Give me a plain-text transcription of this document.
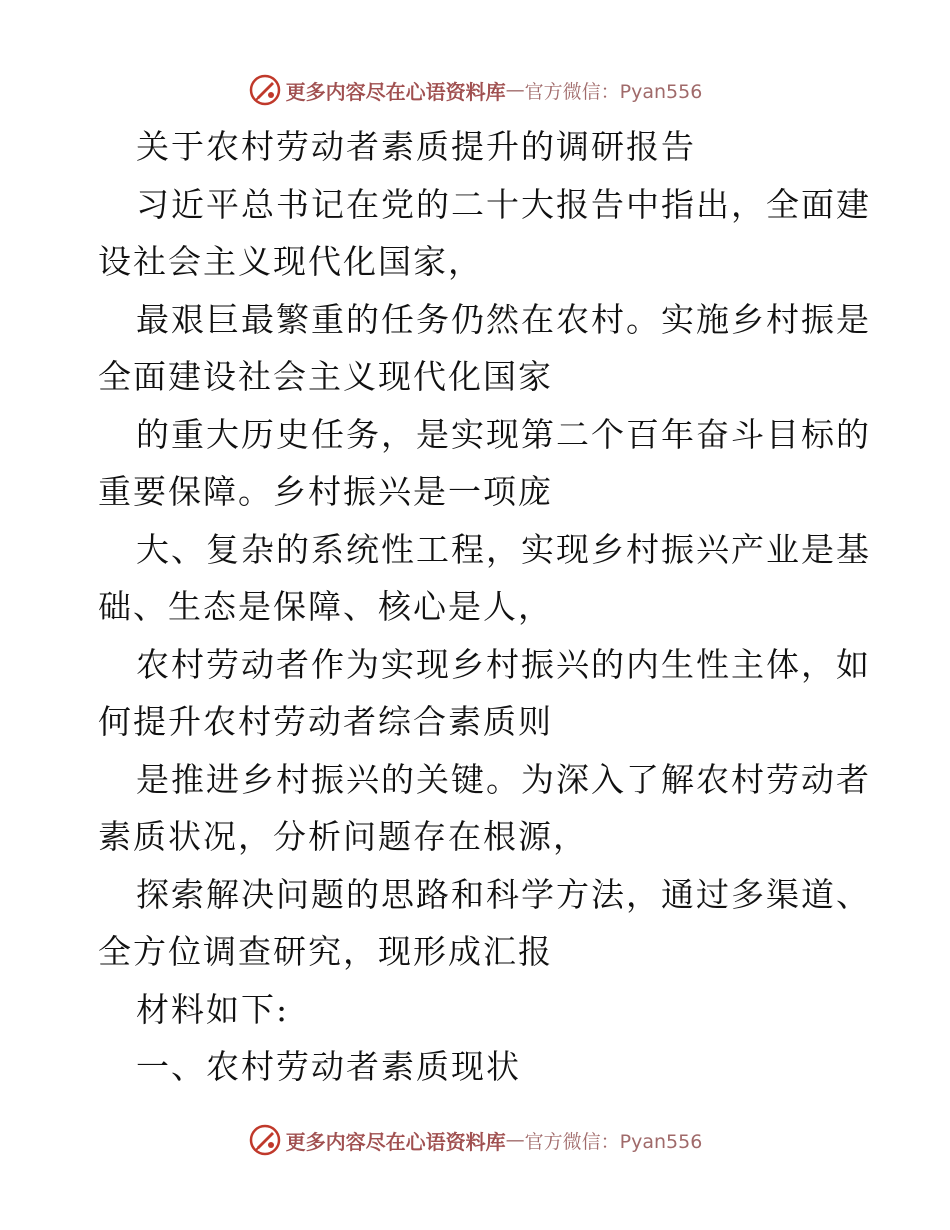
更多内容尽在心语资料库 — 官方微信：Pyan556
关于农村劳动者素质提升的调研报告
习近平总书记在党的二十大报告中指出，全面建
设社会主义现代化国家，
最艰巨最繁重的任务仍然在农村。实施乡村振是
全面建设社会主义现代化国家
的重大历史任务，是实现第二个百年奋斗目标的
重要保障。乡村振兴是一项庞
大、复杂的系统性工程，实现乡村振兴产业是基
础、生态是保障、核心是人，
农村劳动者作为实现乡村振兴的内生性主体，如
何提升农村劳动者综合素质则
是推进乡村振兴的关键。为深入了解农村劳动者
素质状况，分析问题存在根源，
探索解决问题的思路和科学方法，通过多渠道、
全方位调查研究，现形成汇报
材料如下:
一、农村劳动者素质现状
更多内容尽在心语资料库 — 官方微信：Pyan556
